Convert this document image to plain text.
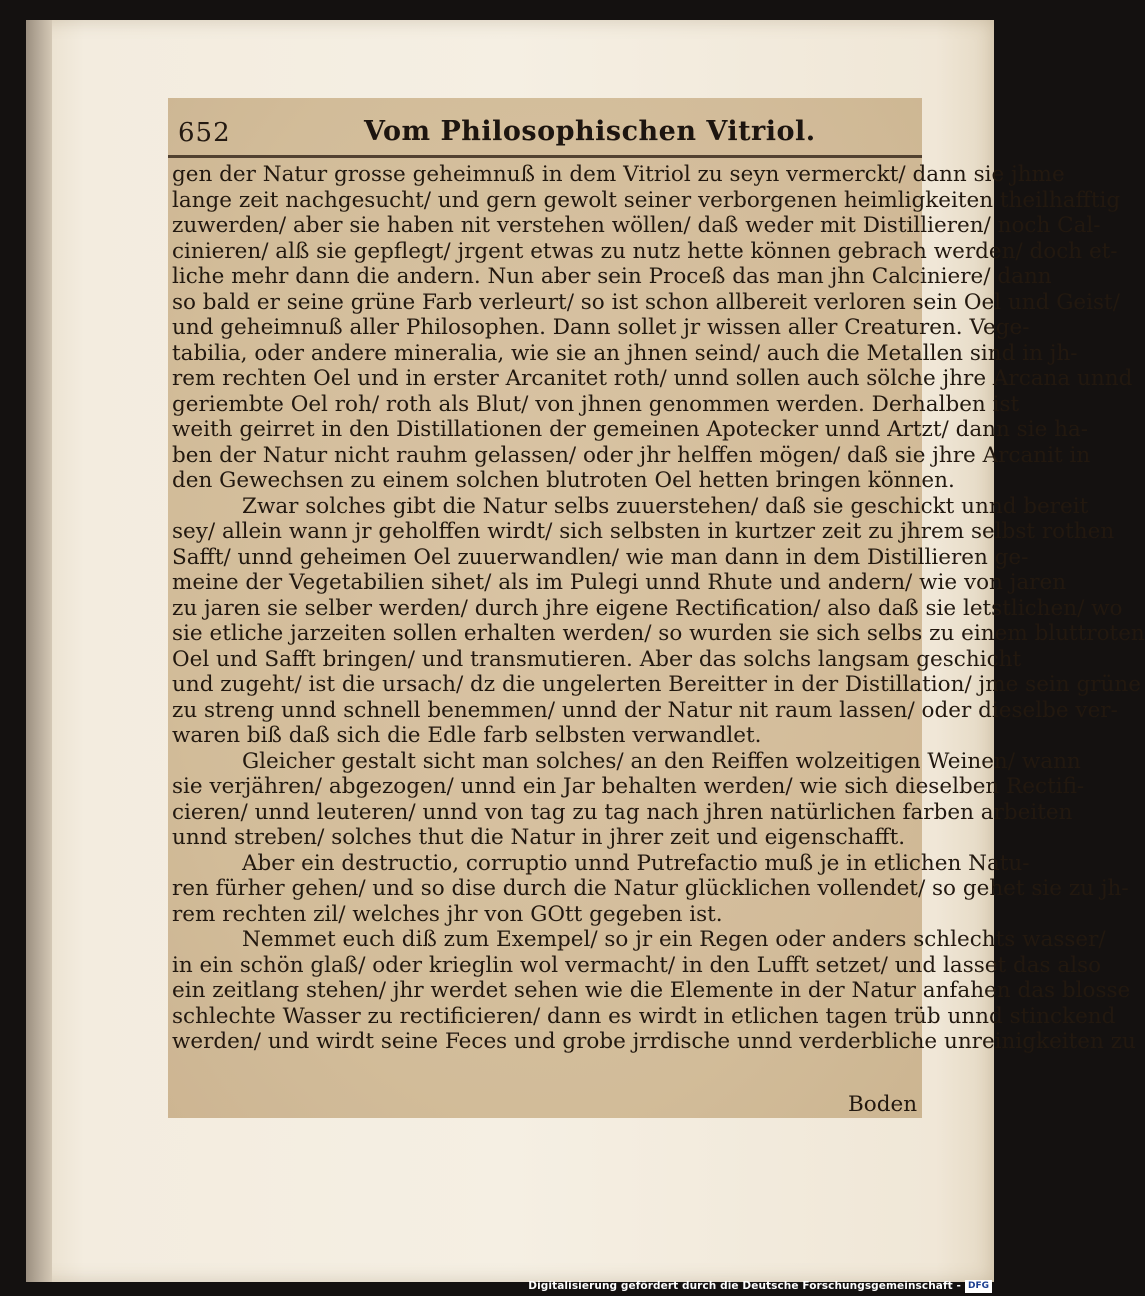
652	Vom Philosophischen Vitriol.
gen der Natur grosse geheimnuß in dem Vitriol zu seyn vermerckt/ dann sie jhme
lange zeit nachgesucht/ und gern gewolt seiner verborgenen heimligkeiten theilhafftig
zuwerden/ aber sie haben nit verstehen wöllen/ daß weder mit Distillieren/ noch Cal-
cinieren/ alß sie gepflegt/ jrgent etwas zu nutz hette können gebrach werden/ doch et-
liche mehr dann die andern. Nun aber sein Proceß das man jhn Calciniere/ dann
so bald er seine grüne Farb verleurt/ so ist schon allbereit verloren sein Oel und Geist/
und geheimnuß aller Philosophen. Dann sollet jr wissen aller Creaturen. Vege-
tabilia, oder andere mineralia, wie sie an jhnen seind/ auch die Metallen sind in jh-
rem rechten Oel und in erster Arcanitet roth/ unnd sollen auch sölche jhre Arcana unnd
geriembte Oel roh/ roth als Blut/ von jhnen genommen werden. Derhalben ist
weith geirret in den Distillationen der gemeinen Apotecker unnd Artzt/ dann sie ha-
ben der Natur nicht rauhm gelassen/ oder jhr helffen mögen/ daß sie jhre Arcanit in
den Gewechsen zu einem solchen blutroten Oel hetten bringen können.
Zwar solches gibt die Natur selbs zuuerstehen/ daß sie geschickt unnd bereit
sey/ allein wann jr geholffen wirdt/ sich selbsten in kurtzer zeit zu jhrem selbst rothen
Safft/ unnd geheimen Oel zuuerwandlen/ wie man dann in dem Distillieren ge-
meine der Vegetabilien sihet/ als im Pulegi unnd Rhute und andern/ wie von jaren
zu jaren sie selber werden/ durch jhre eigene Rectification/ also daß sie letstlichen/ wo
sie etliche jarzeiten sollen erhalten werden/ so wurden sie sich selbs zu einem bluttroten
Oel und Safft bringen/ und transmutieren. Aber das solchs langsam geschicht
und zugeht/ ist die ursach/ dz die ungelerten Bereitter in der Distillation/ jme sein grüne
zu streng unnd schnell benemmen/ unnd der Natur nit raum lassen/ oder dieselbe ver-
waren biß daß sich die Edle farb selbsten verwandlet.
Gleicher gestalt sicht man solches/ an den Reiffen wolzeitigen Weinen/ wann
sie verjähren/ abgezogen/ unnd ein Jar behalten werden/ wie sich dieselben Rectifi-
cieren/ unnd leuteren/ unnd von tag zu tag nach jhren natürlichen farben arbeiten
unnd streben/ solches thut die Natur in jhrer zeit und eigenschafft.
Aber ein destructio, corruptio unnd Putrefactio muß je in etlichen Natu-
ren fürher gehen/ und so dise durch die Natur glücklichen vollendet/ so gehet sie zu jh-
rem rechten zil/ welches jhr von GOtt gegeben ist.
Nemmet euch diß zum Exempel/ so jr ein Regen oder anders schlechts wasser/
in ein schön glaß/ oder krieglin wol vermacht/ in den Lufft setzet/ und lasset das also
ein zeitlang stehen/ jhr werdet sehen wie die Elemente in der Natur anfahen das blosse
schlechte Wasser zu rectificieren/ dann es wirdt in etlichen tagen trüb unnd stinckend
werden/ und wirdt seine Feces und grobe jrrdische unnd verderbliche unreinigkeiten zu
Boden
Digitalisierung gefördert durch die Deutsche Forschungsgemeinschaft - DFG
